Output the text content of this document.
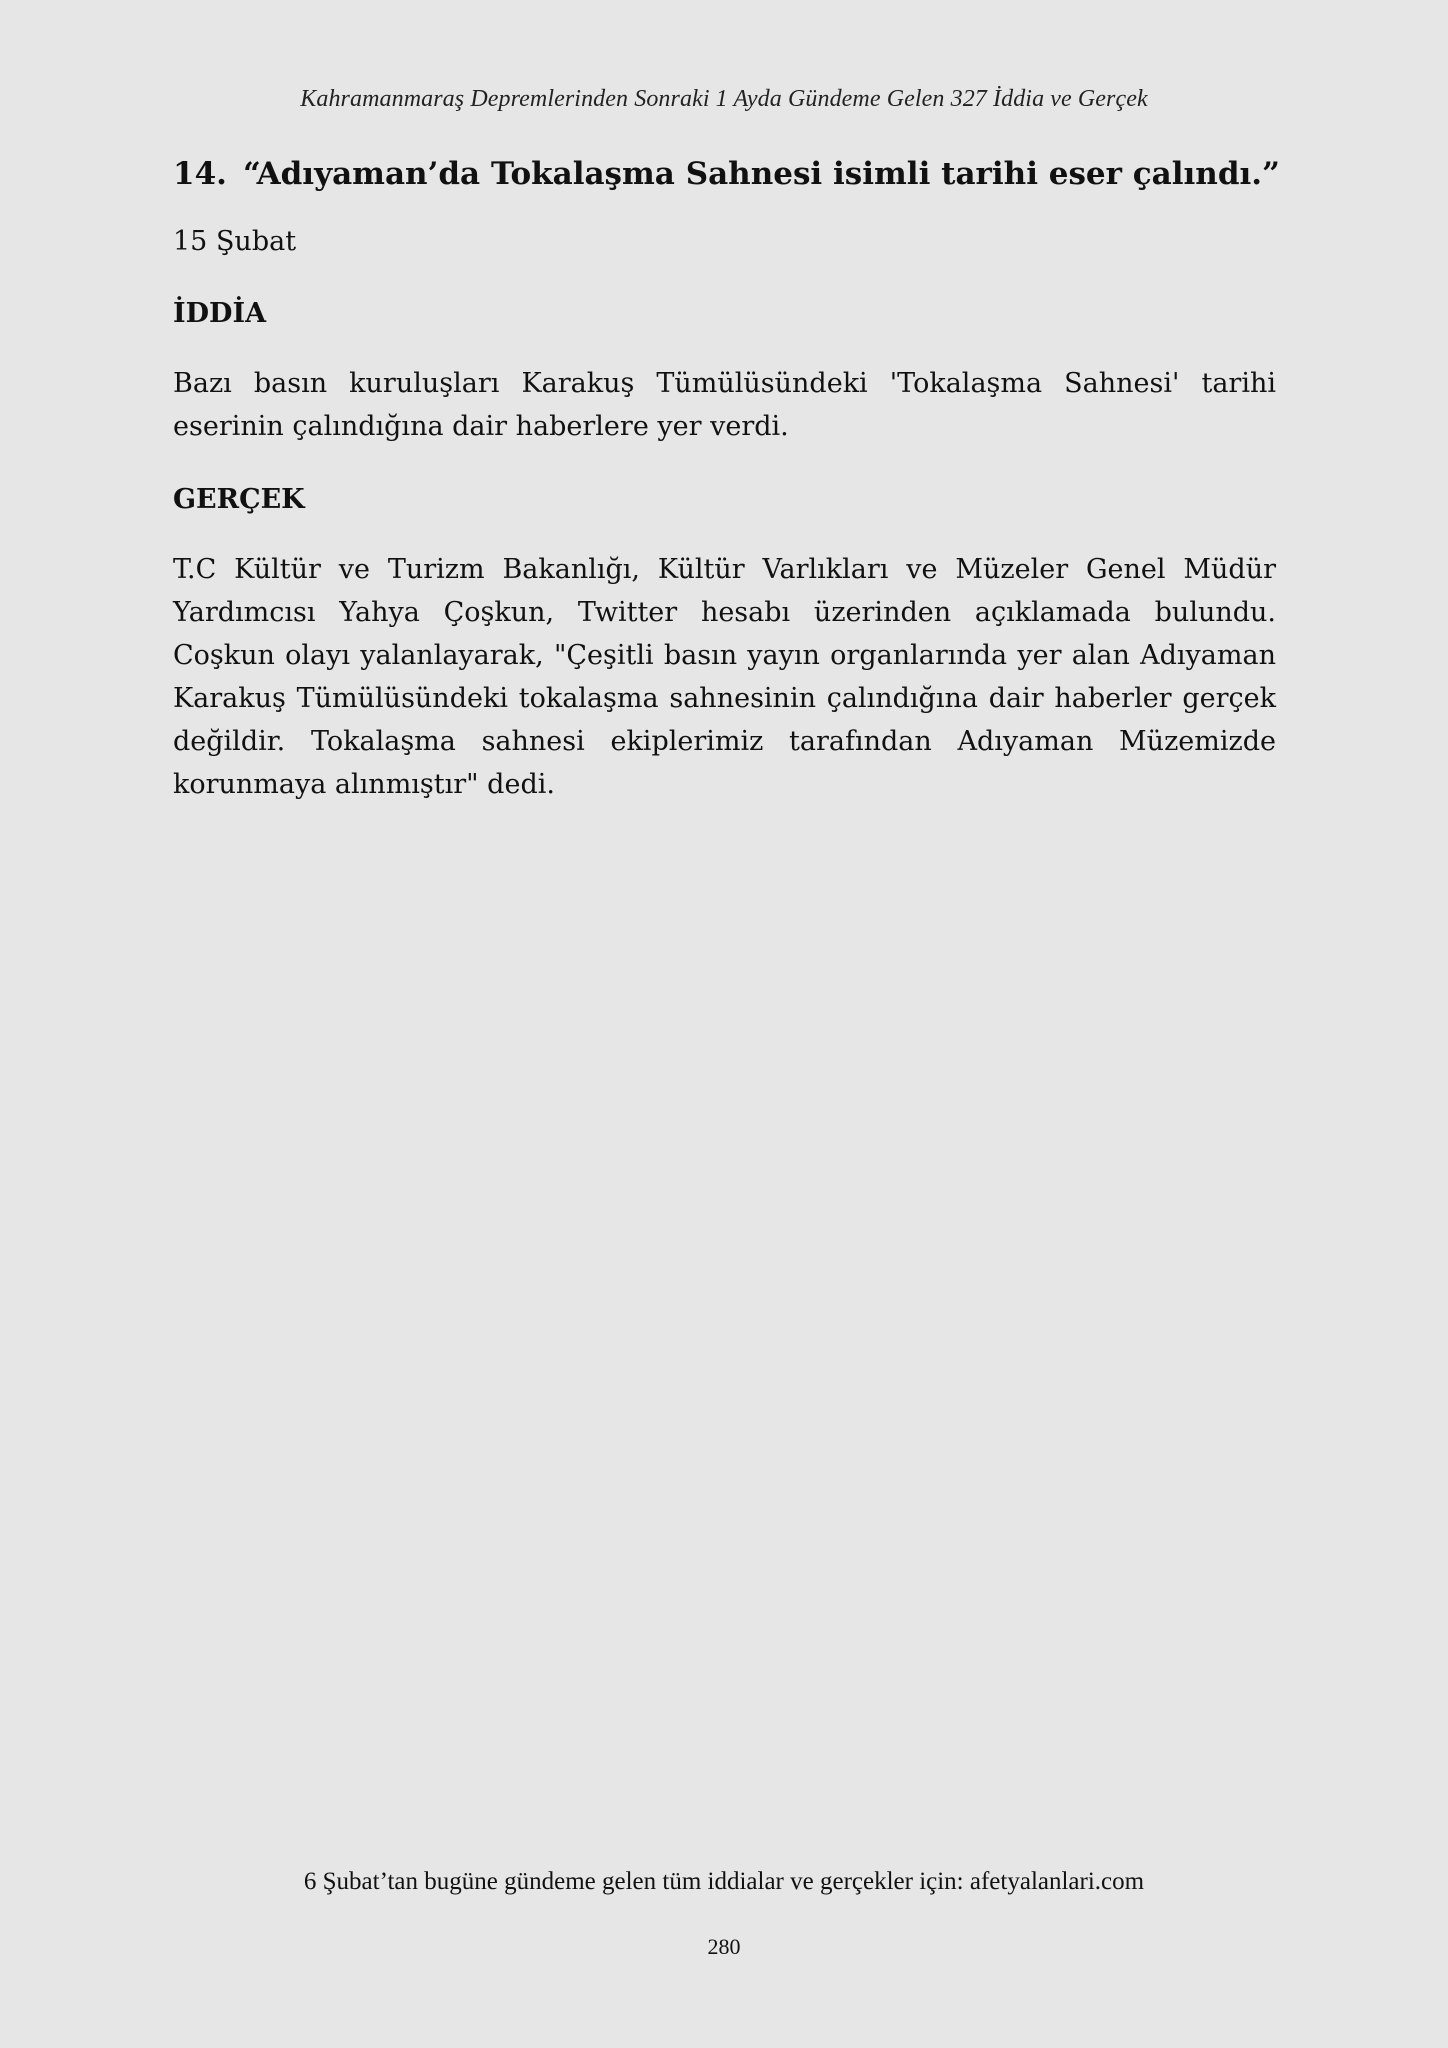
Kahramanmaraş Depremlerinden Sonraki 1 Ayda Gündeme Gelen 327 İddia ve Gerçek
14. “Adıyaman’da Tokalaşma Sahnesi isimli tarihi eser çalındı.”

15 Şubat

İDDİA

Bazı basın kuruluşları Karakuş Tümülüsündeki 'Tokalaşma Sahnesi' tarihi eserinin çalındığına dair haberlere yer verdi.

GERÇEK

T.C Kültür ve Turizm Bakanlığı, Kültür Varlıkları ve Müzeler Genel Müdür Yardımcısı Yahya Çoşkun, Twitter hesabı üzerinden açıklamada bulundu. Coşkun olayı yalanlayarak, "Çeşitli basın yayın organlarında yer alan Adıyaman Karakuş Tümülüsündeki tokalaşma sahnesinin çalındığına dair haberler gerçek değildir. Tokalaşma sahnesi ekiplerimiz tarafından Adıyaman Müzemizde korunmaya alınmıştır" dedi.

6 Şubat’tan bugüne gündeme gelen tüm iddialar ve gerçekler için: afetyalanlari.com
280
